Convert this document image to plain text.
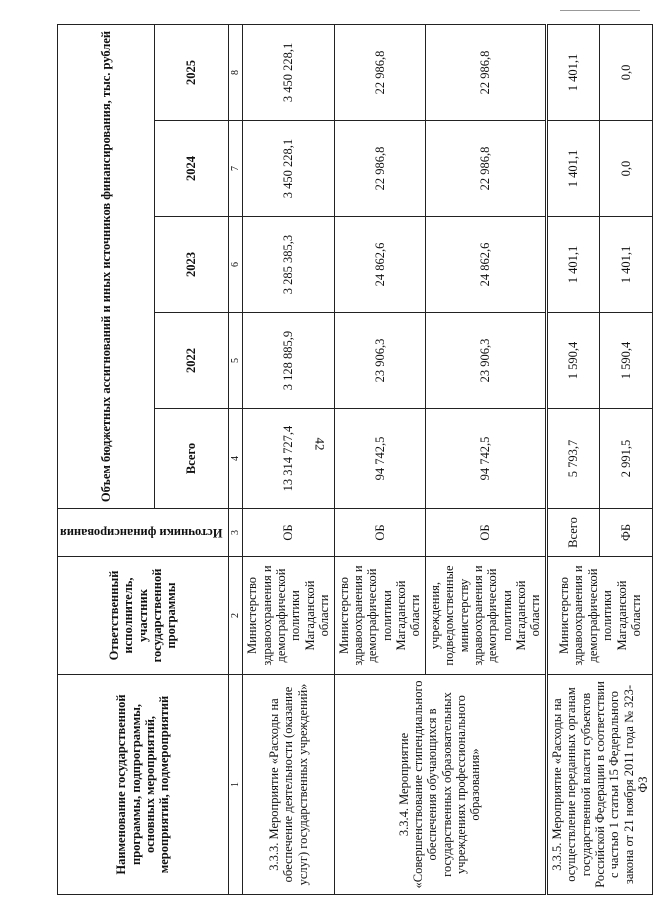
42
Наименование государственной программы, подпрограммы, основных мероприятий, мероприятий, подмероприятий	Ответственный исполнитель, участник государственной программы	Источники финансирования	Объем бюджетных ассигнований и иных источников финансирования, тыс. рублей				
			Всего	2022	2023	2024	2025
1	2	3	4	5	6	7	8
3.3.3. Мероприятие «Расходы на обеспечение деятельности (оказание услуг) государственных учреждений»	Министерство здравоохранения и демографической политики Магаданской области	ОБ	13 314 727,4	3 128 885,9	3 285 385,3	3 450 228,1	3 450 228,1
3.3.4. Мероприятие «Совершенствование стипендиального обеспечения обучающихся в государственных образовательных учреждениях профессионального образования»	Министерство здравоохранения и демографической политики Магаданской области	ОБ	94 742,5	23 906,3	24 862,6	22 986,8	22 986,8
	учреждения, подведомственные министерству здравоохранения и демографической политики Магаданской области	ОБ	94 742,5	23 906,3	24 862,6	22 986,8	22 986,8
3.3.5. Мероприятие «Расходы на осуществление переданных органам государственной власти субъектов Российской Федерации в соответствии с частью 1 статьи 15 Федерального закона от 21 ноября 2011 года № 323-ФЗ	Министерство здравоохранения и демографической политики Магаданской области	Всего	5 793,7	1 590,4	1 401,1	1 401,1	1 401,1
		ФБ	2 991,5	1 590,4	1 401,1	0,0	0,0
